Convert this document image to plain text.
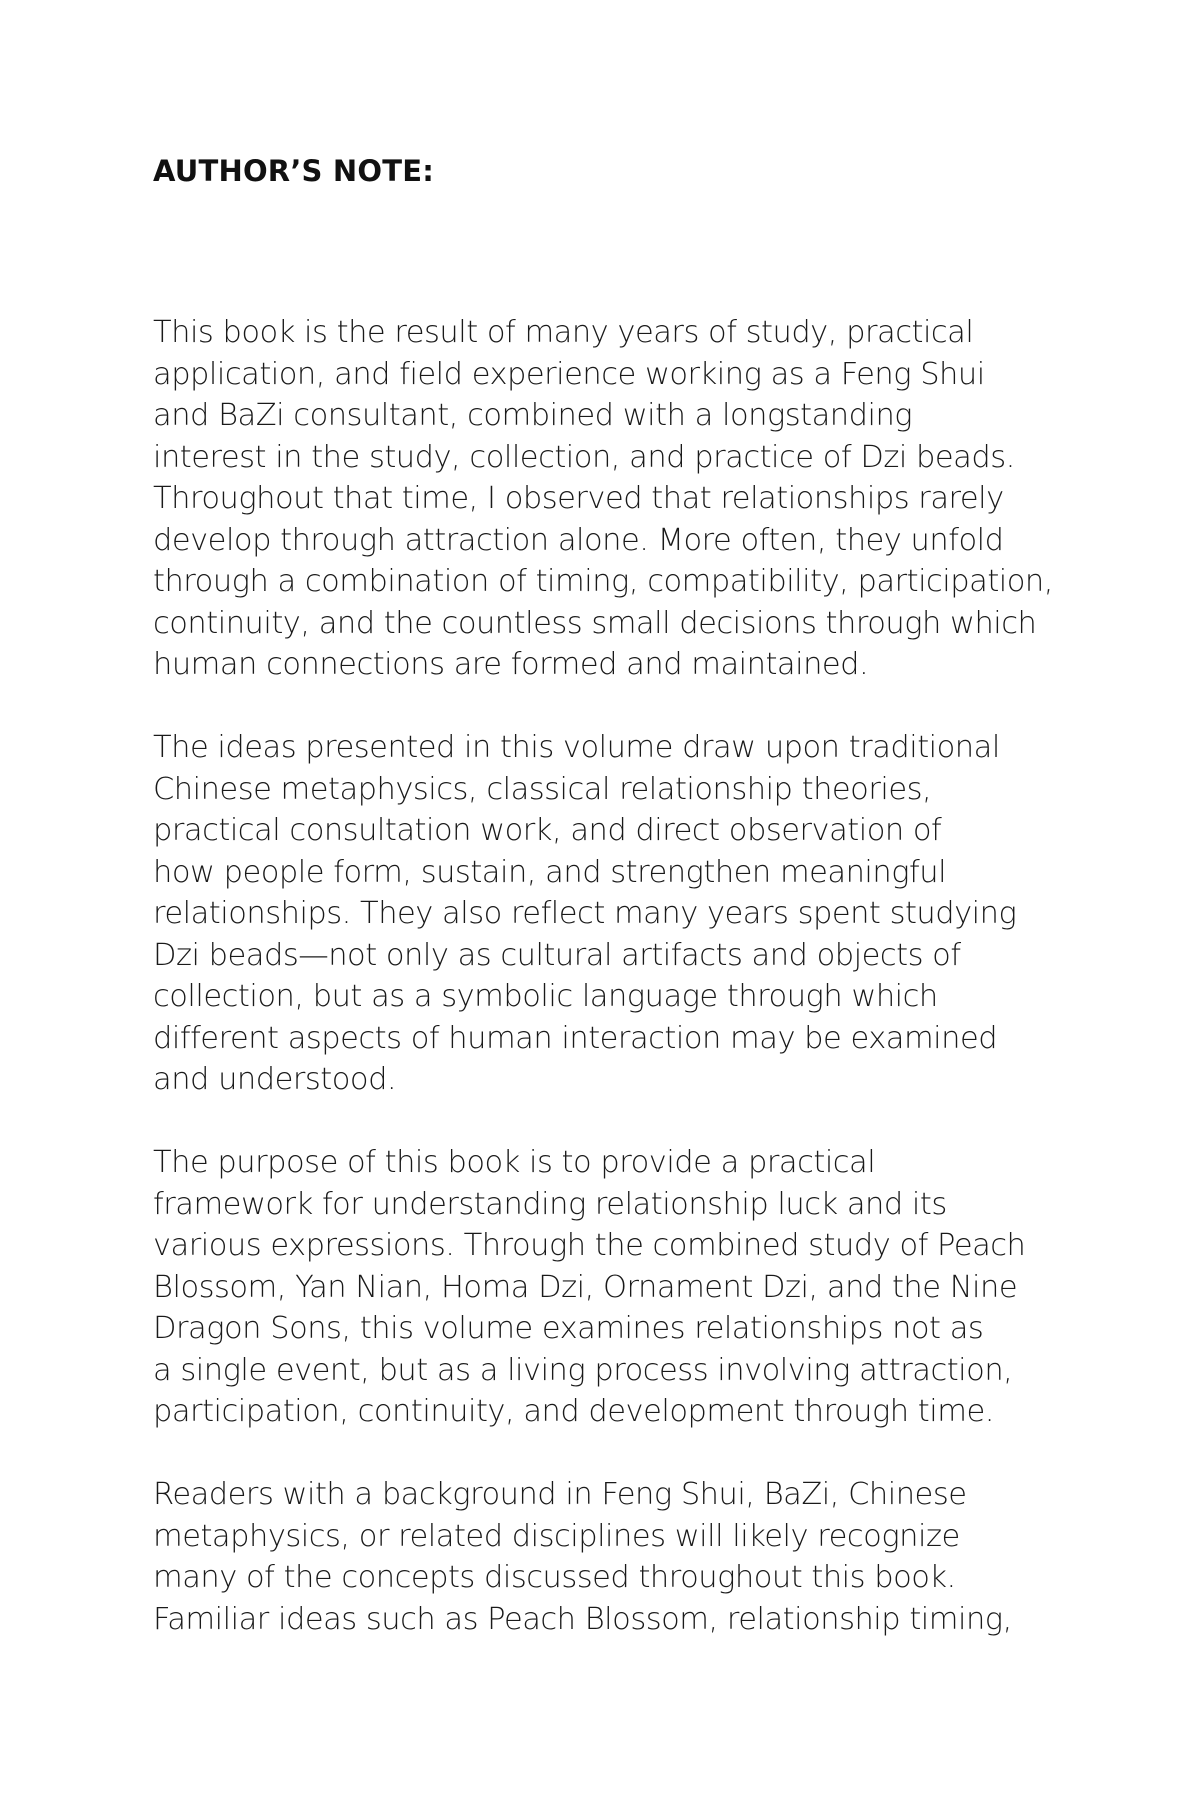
AUTHOR’S NOTE:

This book is the result of many years of study, practical
application, and field experience working as a Feng Shui
and BaZi consultant, combined with a longstanding
interest in the study, collection, and practice of Dzi beads.
Throughout that time, I observed that relationships rarely
develop through attraction alone. More often, they unfold
through a combination of timing, compatibility, participation,
continuity, and the countless small decisions through which
human connections are formed and maintained.

The ideas presented in this volume draw upon traditional
Chinese metaphysics, classical relationship theories,
practical consultation work, and direct observation of
how people form, sustain, and strengthen meaningful
relationships. They also reflect many years spent studying
Dzi beads—not only as cultural artifacts and objects of
collection, but as a symbolic language through which
different aspects of human interaction may be examined
and understood.

The purpose of this book is to provide a practical
framework for understanding relationship luck and its
various expressions. Through the combined study of Peach
Blossom, Yan Nian, Homa Dzi, Ornament Dzi, and the Nine
Dragon Sons, this volume examines relationships not as
a single event, but as a living process involving attraction,
participation, continuity, and development through time.

Readers with a background in Feng Shui, BaZi, Chinese
metaphysics, or related disciplines will likely recognize
many of the concepts discussed throughout this book.
Familiar ideas such as Peach Blossom, relationship timing,
